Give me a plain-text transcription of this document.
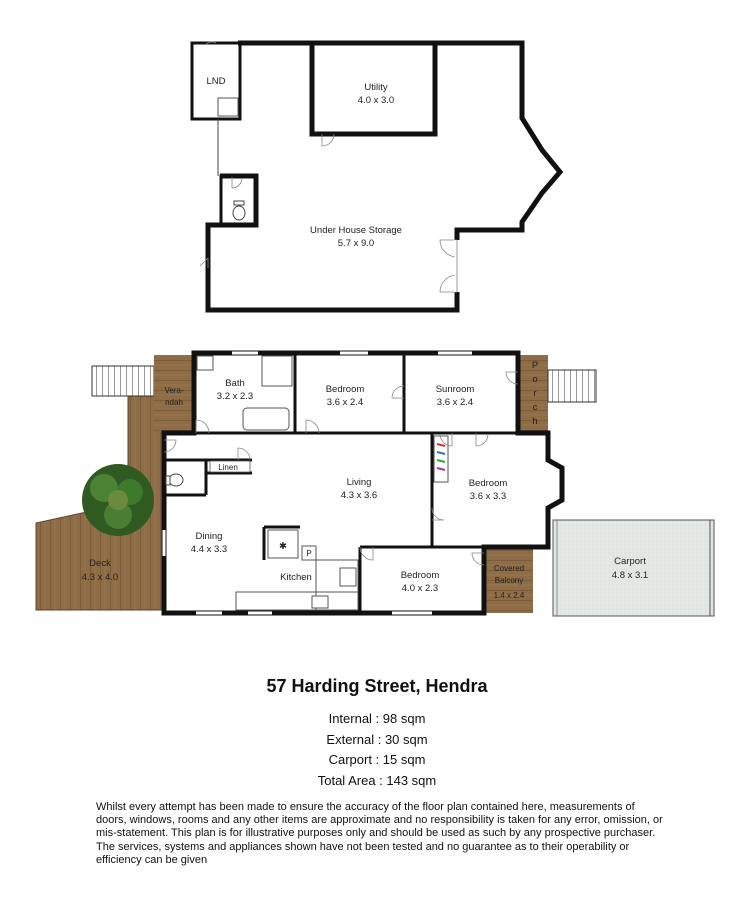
LND
Utility
4.0 x 3.0
Under House Storage
5.7 x 9.0
Vera-
ndah
P
o
r
c
h
Covered
Balcony
1.4 x 2.4
Bath
3.2 x 2.3
Bedroom
3.6 x 2.4
Sunroom
3.6 x 2.4
Linen
Living
4.3 x 3.6
Bedroom
3.6 x 3.3
Dining
4.4 x 3.3	✱
P
Kitchen	Bedroom
4.0 x 2.3
Deck
4.3 x 4.0
Carport
4.8 x 3.1
57 Harding Street, Hendra
Internal : 98 sqm
External : 30 sqm
Carport : 15 sqm
Total Area : 143 sqm
Whilst every attempt has been made to ensure the accuracy of the floor plan contained here, measurements of doors, windows, rooms and any other items are approximate and no responsibility is taken for any error, omission, or mis-statement. This plan is for illustrative purposes only and should be used as such by any prospective purchaser. The services, systems and appliances shown have not been tested and no guarantee as to their operability or efficiency can be given
